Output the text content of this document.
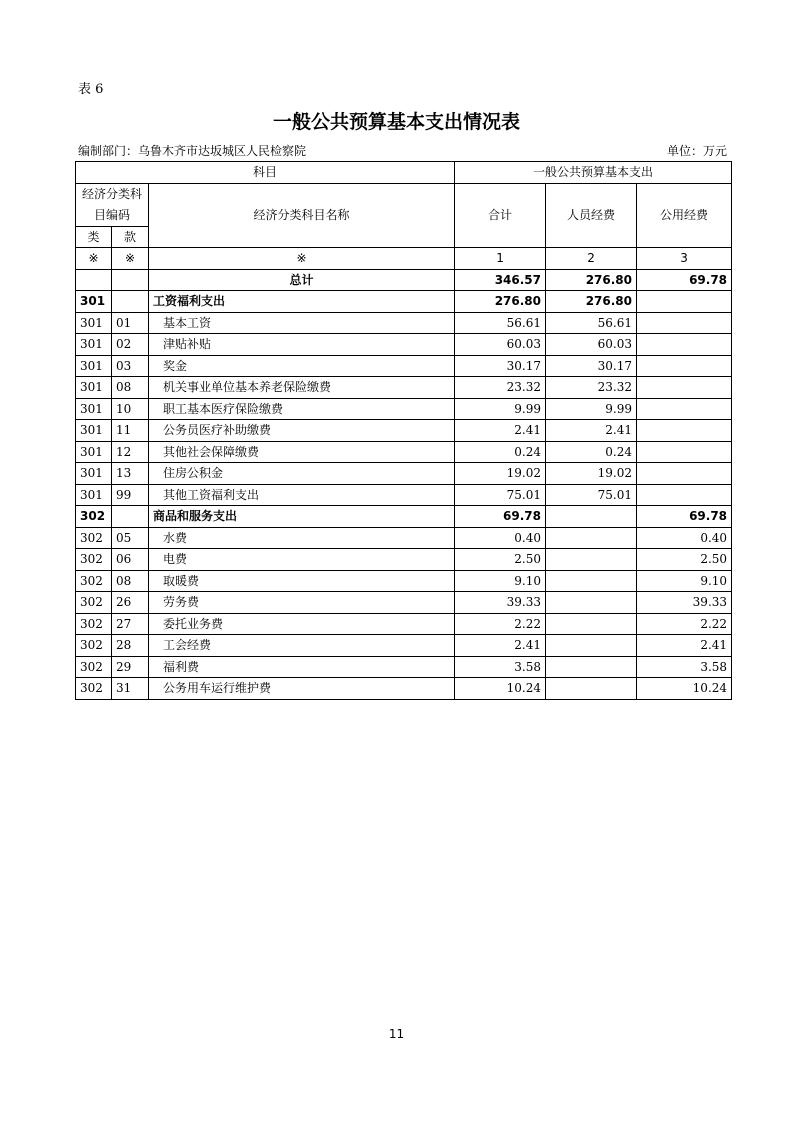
表 6
一般公共预算基本支出情况表
编制部门：乌鲁木齐市达坂城区人民检察院	单位：万元
科目			一般公共预算基本支出		
经济分类科目编码		经济分类科目名称	合计	人员经费	公用经费

类	款				
※	※	※	1	2	3
		总计	346.57	276.80	69.78
301		工资福利支出	276.80	276.80	
301	01	基本工资	56.61	56.61	
301	02	津贴补贴	60.03	60.03	
301	03	奖金	30.17	30.17	
301	08	机关事业单位基本养老保险缴费	23.32	23.32	
301	10	职工基本医疗保险缴费	9.99	9.99	
301	11	公务员医疗补助缴费	2.41	2.41	
301	12	其他社会保障缴费	0.24	0.24	
301	13	住房公积金	19.02	19.02	
301	99	其他工资福利支出	75.01	75.01	
302		商品和服务支出	69.78		69.78
302	05	水费	0.40		0.40
302	06	电费	2.50		2.50
302	08	取暖费	9.10		9.10
302	26	劳务费	39.33		39.33
302	27	委托业务费	2.22		2.22
302	28	工会经费	2.41		2.41
302	29	福利费	3.58		3.58
302	31	公务用车运行维护费	10.24		10.24
11
